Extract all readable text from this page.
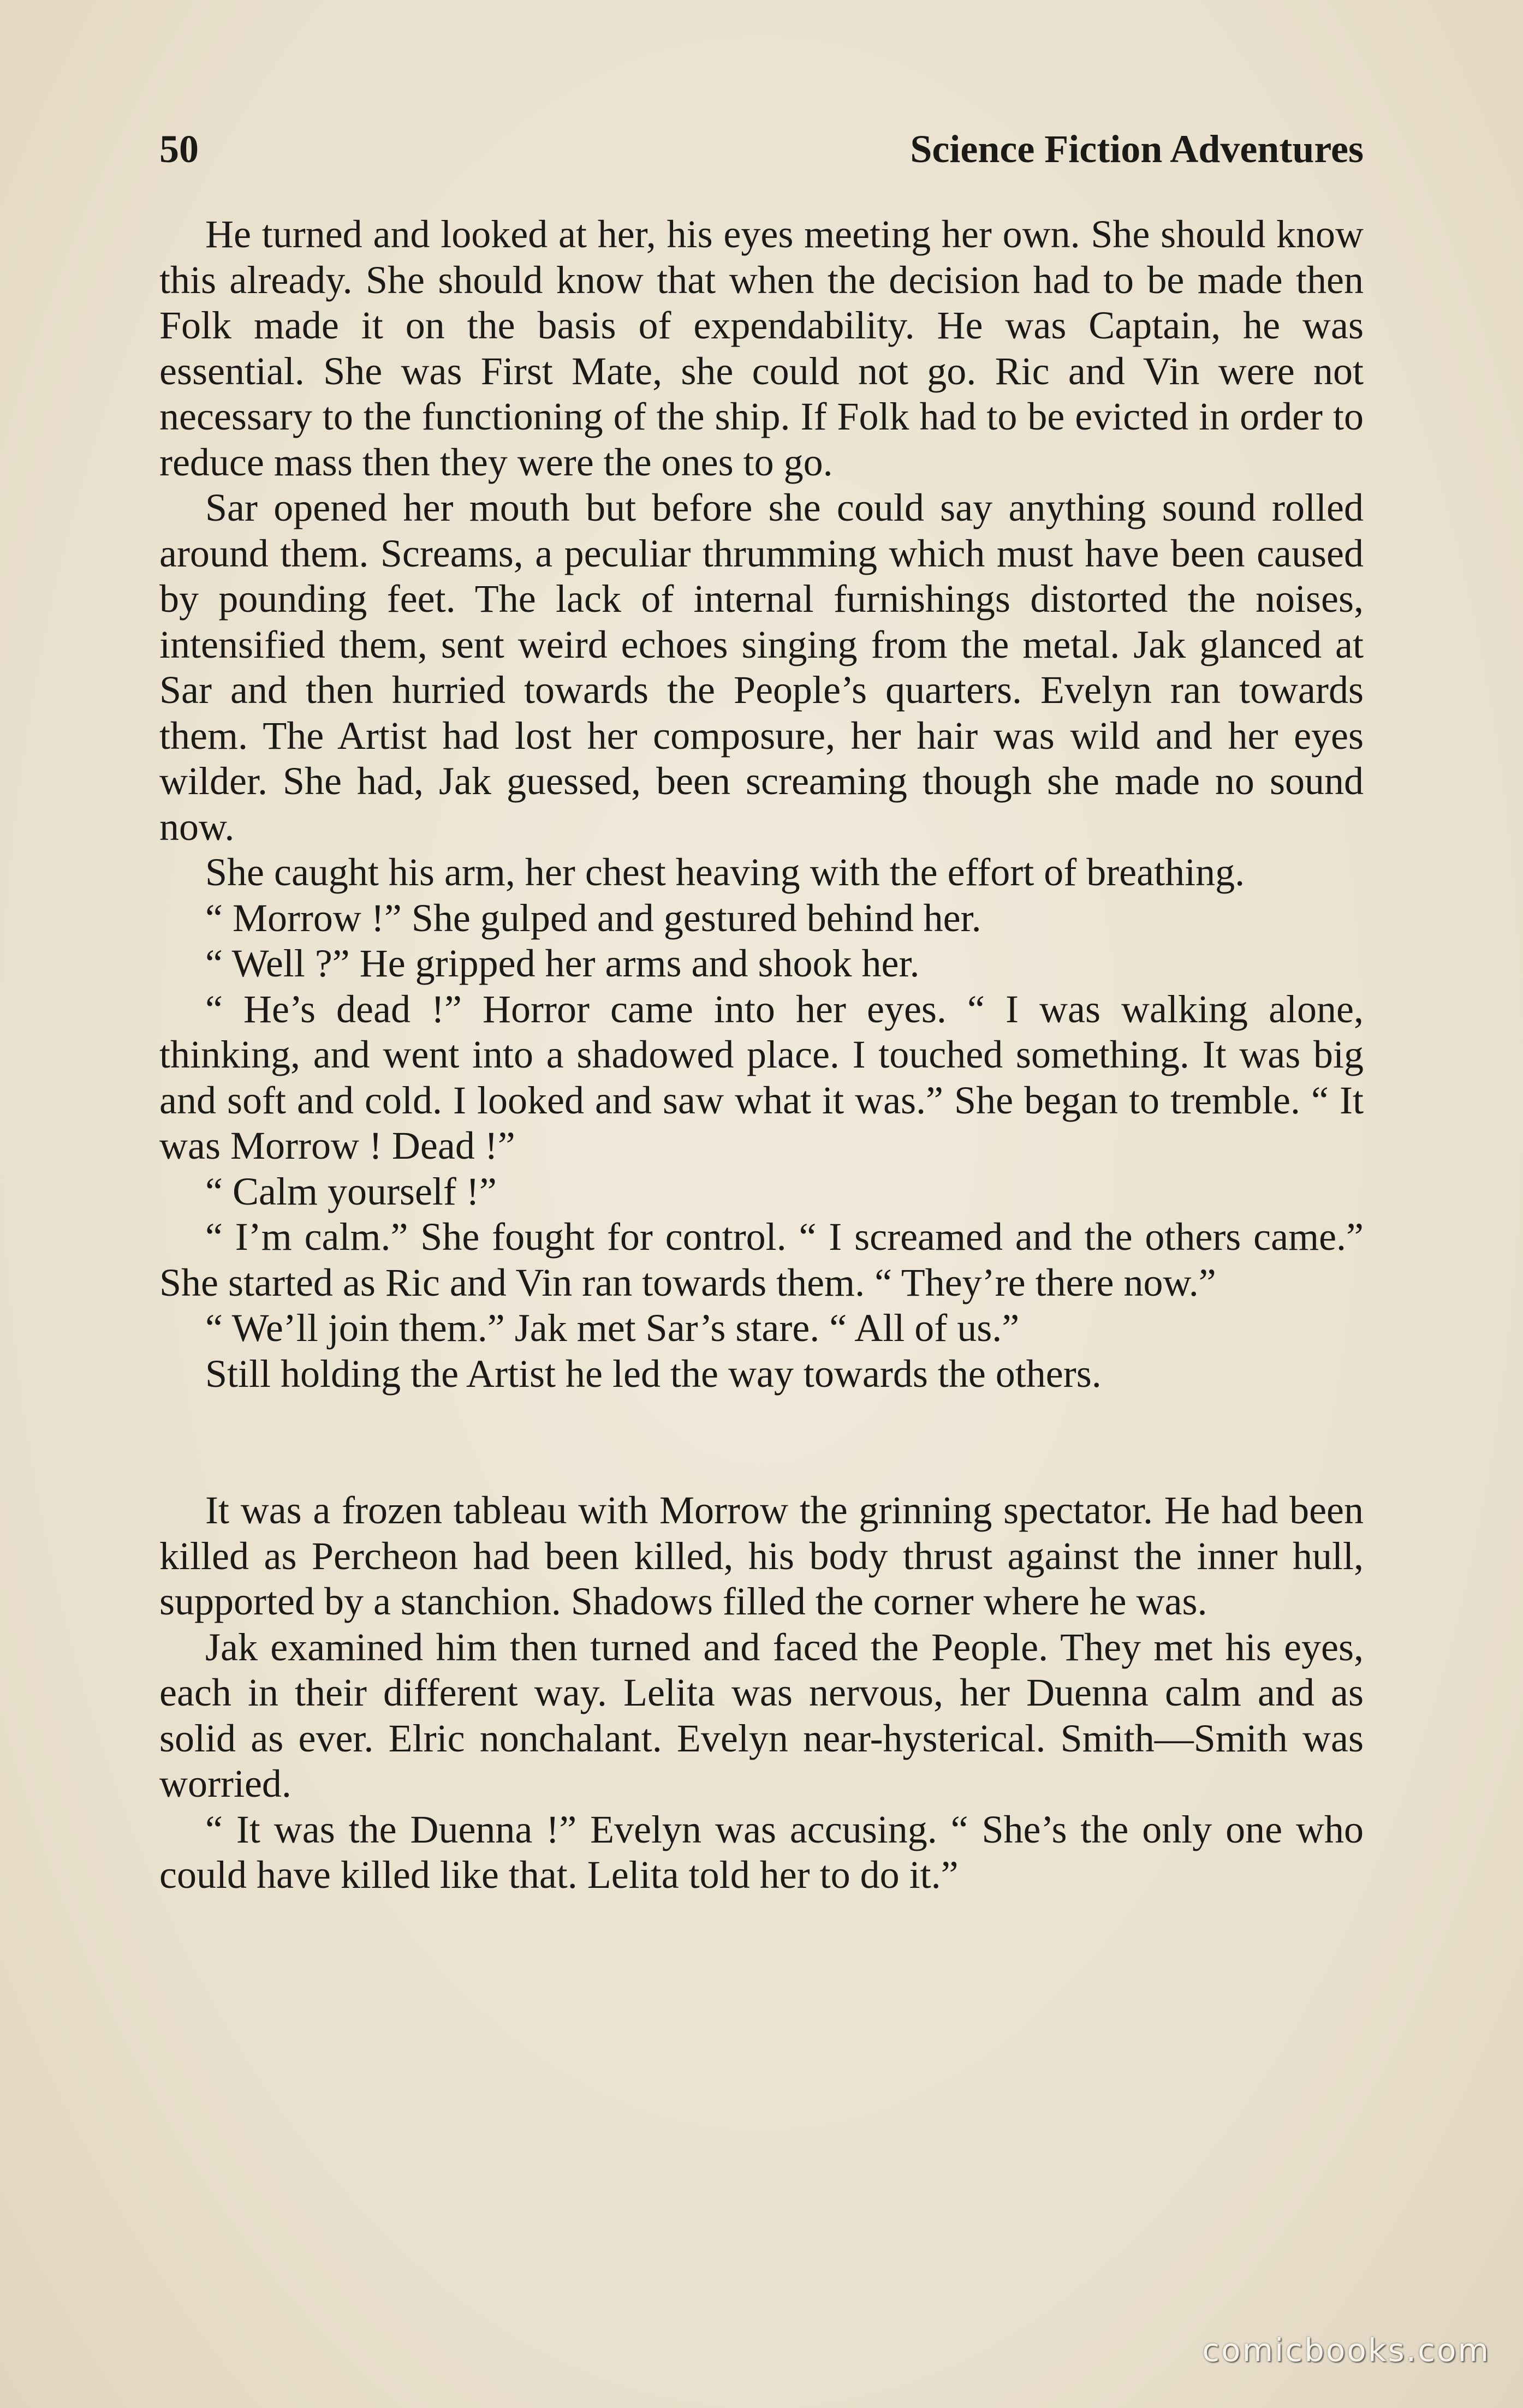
50	Science Fiction Adventures

He turned and looked at her, his eyes meeting her own. She should know this already. She should know that when the decision had to be made then Folk made it on the basis of expendability. He was Captain, he was essential. She was First Mate, she could not go. Ric and Vin were not necessary to the functioning of the ship. If Folk had to be evicted in order to reduce mass then they were the ones to go.

Sar opened her mouth but before she could say anything sound rolled around them. Screams, a peculiar thrumming which must have been caused by pounding feet. The lack of internal furnishings distorted the noises, intensified them, sent weird echoes singing from the metal. Jak glanced at Sar and then hurried towards the People’s quarters. Evelyn ran towards them. The Artist had lost her composure, her hair was wild and her eyes wilder. She had, Jak guessed, been screaming though she made no sound now.

She caught his arm, her chest heaving with the effort of breathing.

“ Morrow !” She gulped and gestured behind her.

“ Well ?” He gripped her arms and shook her.

“ He’s dead !” Horror came into her eyes. “ I was walking alone, thinking, and went into a shadowed place. I touched something. It was big and soft and cold. I looked and saw what it was.” She began to tremble. “ It was Morrow ! Dead !”

“ Calm yourself !”

“ I’m calm.” She fought for control. “ I screamed and the others came.” She started as Ric and Vin ran towards them. “ They’re there now.”

“ We’ll join them.” Jak met Sar’s stare. “ All of us.”

Still holding the Artist he led the way towards the others.

It was a frozen tableau with Morrow the grinning spectator. He had been killed as Percheon had been killed, his body thrust against the inner hull, supported by a stanchion. Shadows filled the corner where he was.

Jak examined him then turned and faced the People. They met his eyes, each in their different way. Lelita was nervous, her Duenna calm and as solid as ever. Elric nonchalant. Evelyn near-hysterical. Smith—Smith was worried.

“ It was the Duenna !” Evelyn was accusing. “ She’s the only one who could have killed like that. Lelita told her to do it.”

comicbooks.com
